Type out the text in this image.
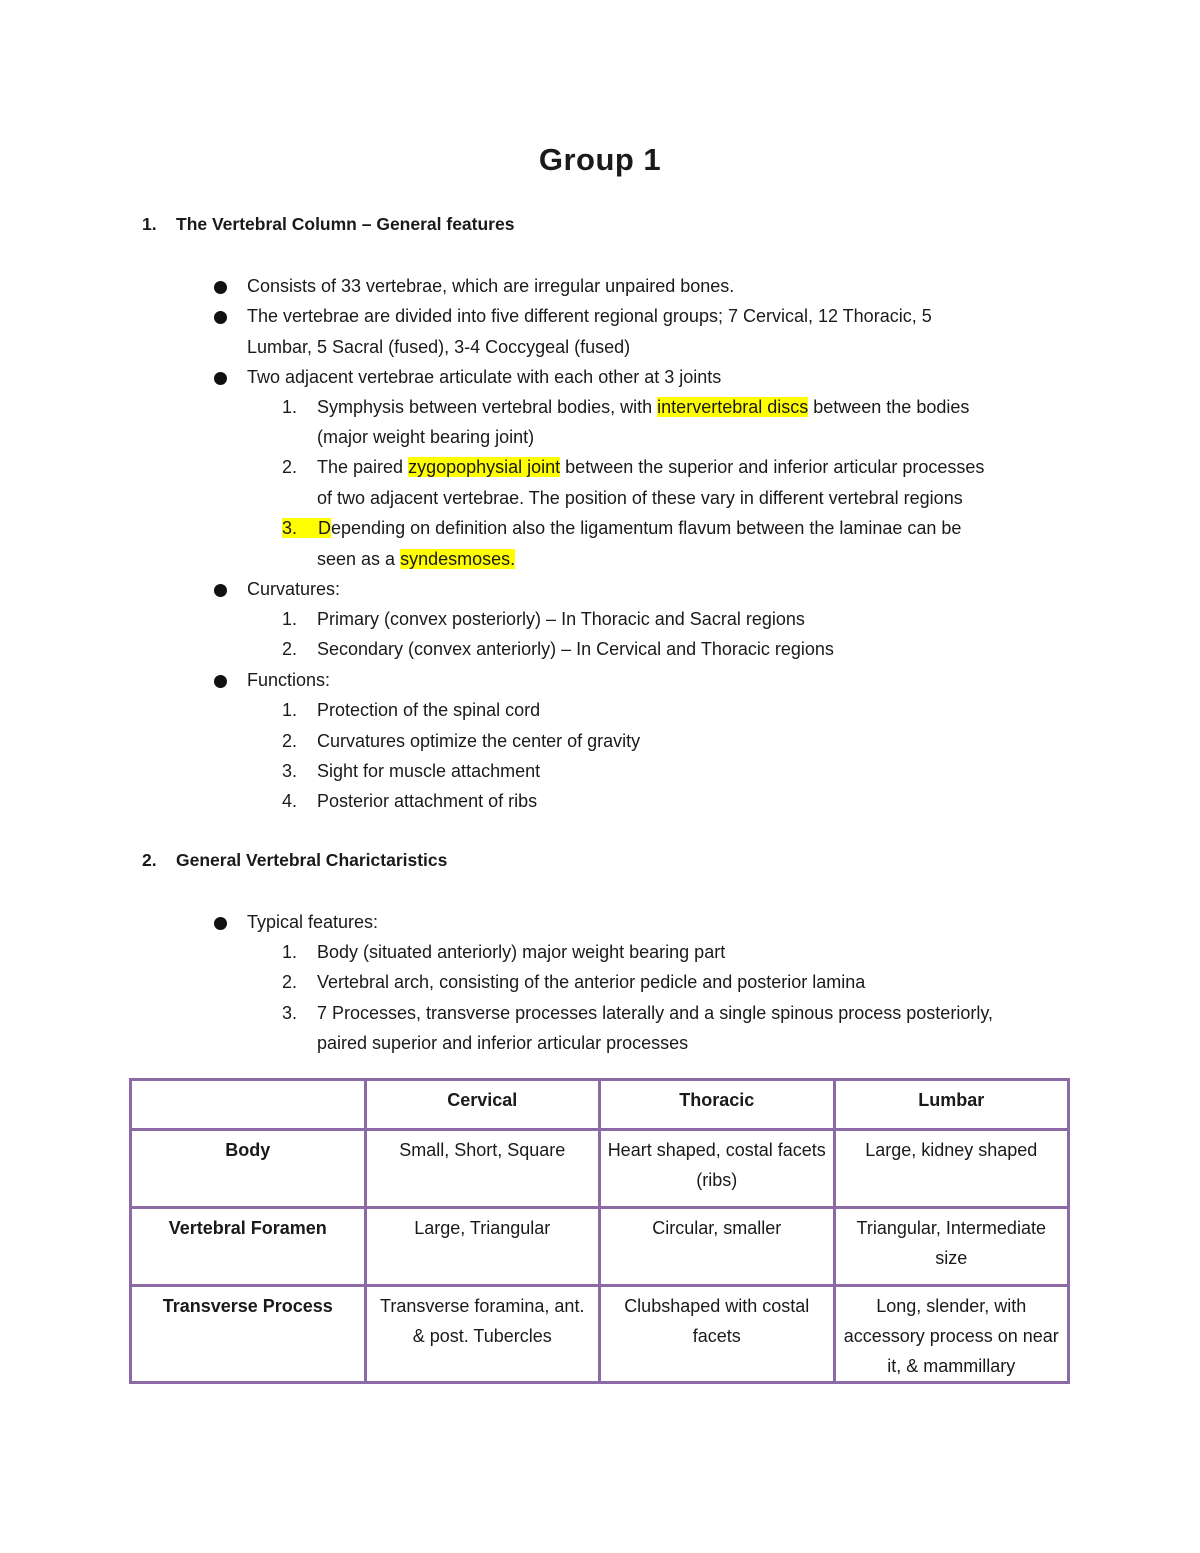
Group 1
1. The Vertebral Column – General features
Consists of 33 vertebrae, which are irregular unpaired bones.
The vertebrae are divided into five different regional groups; 7 Cervical, 12 Thoracic, 5
Lumbar, 5 Sacral (fused), 3-4 Coccygeal (fused)
Two adjacent vertebrae articulate with each other at 3 joints
1. Symphysis between vertebral bodies, with intervertebral discs between the bodies
(major weight bearing joint)
2. The paired zygopophysial joint between the superior and inferior articular processes
of two adjacent vertebrae. The position of these vary in different vertebral regions
3. Depending on definition also the ligamentum flavum between the laminae can be
seen as a syndesmoses.
Curvatures:
1. Primary (convex posteriorly) – In Thoracic and Sacral regions
2. Secondary (convex anteriorly) – In Cervical and Thoracic regions
Functions:
1. Protection of the spinal cord
2. Curvatures optimize the center of gravity
3. Sight for muscle attachment
4. Posterior attachment of ribs
2. General Vertebral Charictaristics
Typical features:
1. Body (situated anteriorly) major weight bearing part
2. Vertebral arch, consisting of the anterior pedicle and posterior lamina
3. 7 Processes, transverse processes laterally and a single spinous process posteriorly,
paired superior and inferior articular processes
	Cervical	Thoracic	Lumbar
Body	Small, Short, Square	Heart shaped, costal facets (ribs)	Large, kidney shaped
Vertebral Foramen	Large, Triangular	Circular, smaller	Triangular, Intermediate size
Transverse Process	Transverse foramina, ant. & post. Tubercles	Clubshaped with costal facets	Long, slender, with accessory process on near it, & mammillary
